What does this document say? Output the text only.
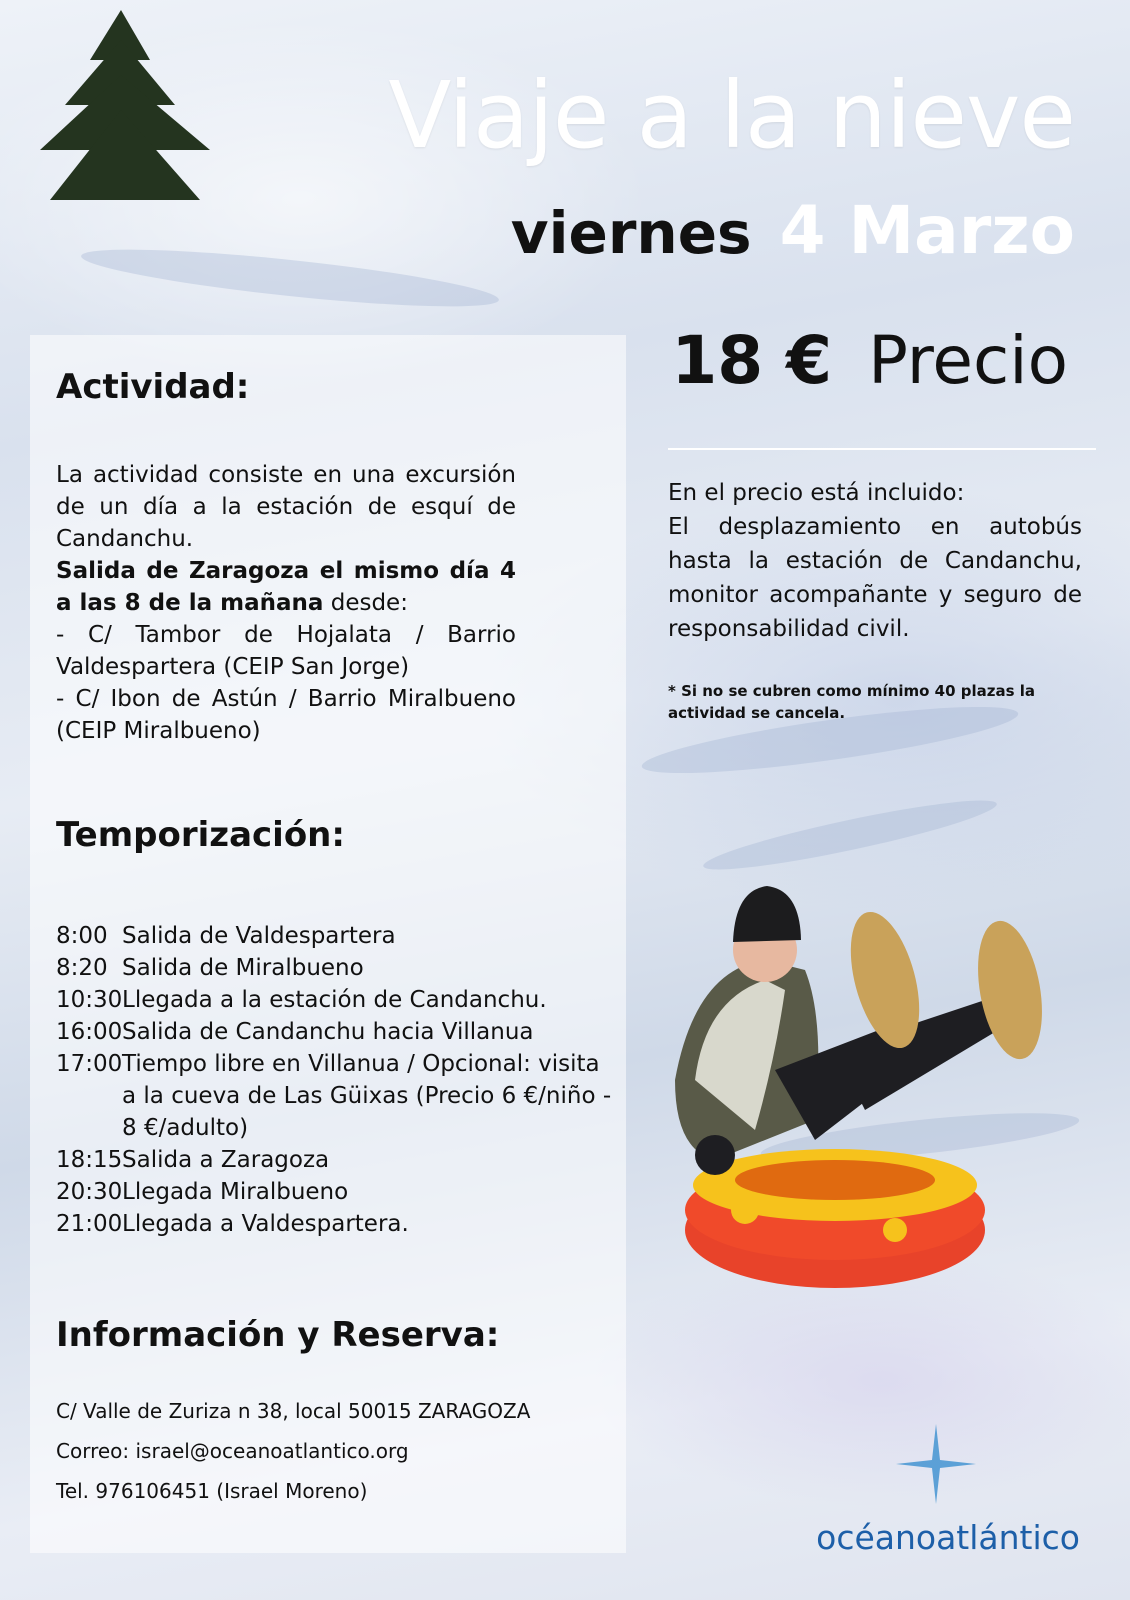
Viaje a la nieve
viernes 4 Marzo
Actividad:
La actividad consiste en una excursión de un día a la estación de esquí de Candanchu.
Salida de Zaragoza el mismo día 4 a las 8 de la mañana desde:
- C/ Tambor de Hojalata / Barrio Valdespartera (CEIP San Jorge)
- C/ Ibon de Astún / Barrio Miralbueno (CEIP Miralbueno)
Temporización:
8:00 Salida de Valdespartera
8:20 Salida de Miralbueno
10:30 Llegada a la estación de Candanchu.
16:00 Salida de Candanchu hacia Villanua
17:00 Tiempo libre en Villanua / Opcional: visita a la cueva de Las Güixas (Precio 6 €/niño - 8 €/adulto)
18:15 Salida a Zaragoza
20:30 Llegada Miralbueno
21:00 Llegada a Valdespartera.
Información y Reserva:
C/ Valle de Zuriza n 38, local 50015 ZARAGOZA
Correo: israel@oceanoatlantico.org
Tel. 976106451 (Israel Moreno)
18 € Precio
En el precio está incluido:
El desplazamiento en autobús hasta la estación de Candanchu, monitor acompañante y seguro de responsabilidad civil.
* Si no se cubren como mínimo 40 plazas la actividad se cancela.
océanoatlántico
